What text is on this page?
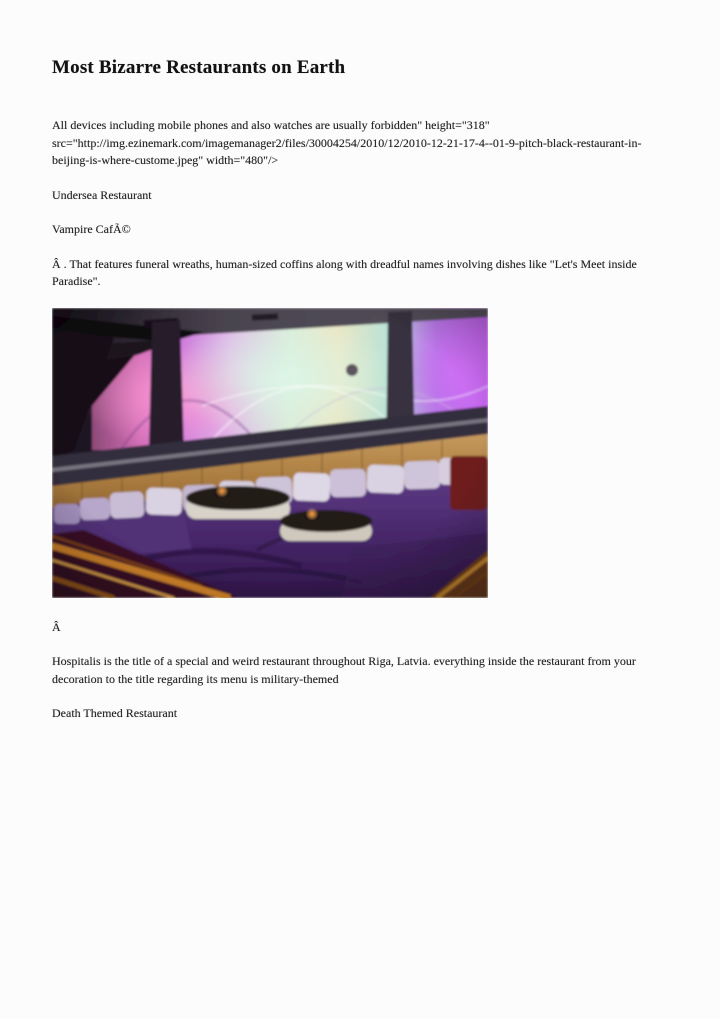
Most Bizarre Restaurants on Earth

All devices including mobile phones and also watches are usually forbidden" height="318" src="http://img.ezinemark.com/imagemanager2/files/30004254/2010/12/2010-12-21-17-4--01-9-pitch-black-restaurant-in-beijing-is-where-custome.jpeg" width="480"/>

Undersea Restaurant

Vampire CafÃ©

Â . That features funeral wreaths, human-sized coffins along with dreadful names involving dishes like "Let's Meet inside Paradise".

Â

Hospitalis is the title of a special and weird restaurant throughout Riga, Latvia. everything inside the restaurant from your decoration to the title regarding its menu is military-themed

Death Themed Restaurant
